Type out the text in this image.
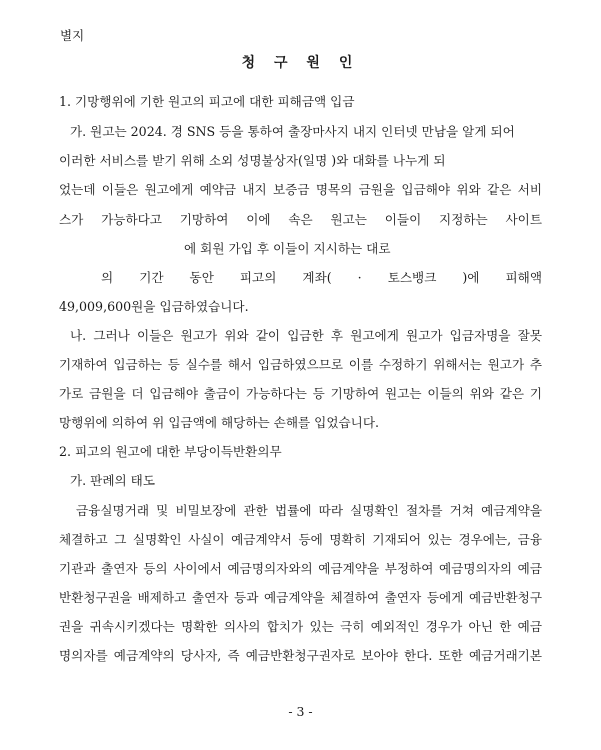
별지
청 구 원 인
1. 기망행위에 기한 원고의 피고에 대한 피해금액 입금
가. 원고는 2024. 경 SNS 등을 통하여 출장마사지 내지 인터넷 만남을 알게 되어
이러한 서비스를 받기 위해 소외 성명불상자(일명 )와 대화를 나누게 되
었는데 이들은 원고에게 예약금 내지 보증금 명목의 금원을 입금해야 위와 같은 서비
스가 가능하다고 기망하여 이에 속은 원고는 이들이 지정하는 사이트
에 회원 가입 후 이들이 지시하는 대로
의 기간 동안 피고의 계좌( · 토스뱅크 )에 피해액
49,009,600원을 입금하였습니다.
나. 그러나 이들은 원고가 위와 같이 입금한 후 원고에게 원고가 입금자명을 잘못
기재하여 입금하는 등 실수를 해서 입금하였으므로 이를 수정하기 위해서는 원고가 추
가로 금원을 더 입금해야 출금이 가능하다는 등 기망하여 원고는 이들의 위와 같은 기
망행위에 의하여 위 입금액에 해당하는 손해를 입었습니다.
2. 피고의 원고에 대한 부당이득반환의무
가. 판례의 태도
금융실명거래 및 비밀보장에 관한 법률에 따라 실명확인 절차를 거쳐 예금계약을
체결하고 그 실명확인 사실이 예금계약서 등에 명확히 기재되어 있는 경우에는, 금융
기관과 출연자 등의 사이에서 예금명의자와의 예금계약을 부정하여 예금명의자의 예금
반환청구권을 배제하고 출연자 등과 예금계약을 체결하여 출연자 등에게 예금반환청구
권을 귀속시키겠다는 명확한 의사의 합치가 있는 극히 예외적인 경우가 아닌 한 예금
명의자를 예금계약의 당사자, 즉 예금반환청구권자로 보아야 한다. 또한 예금거래기본
- 3 -
